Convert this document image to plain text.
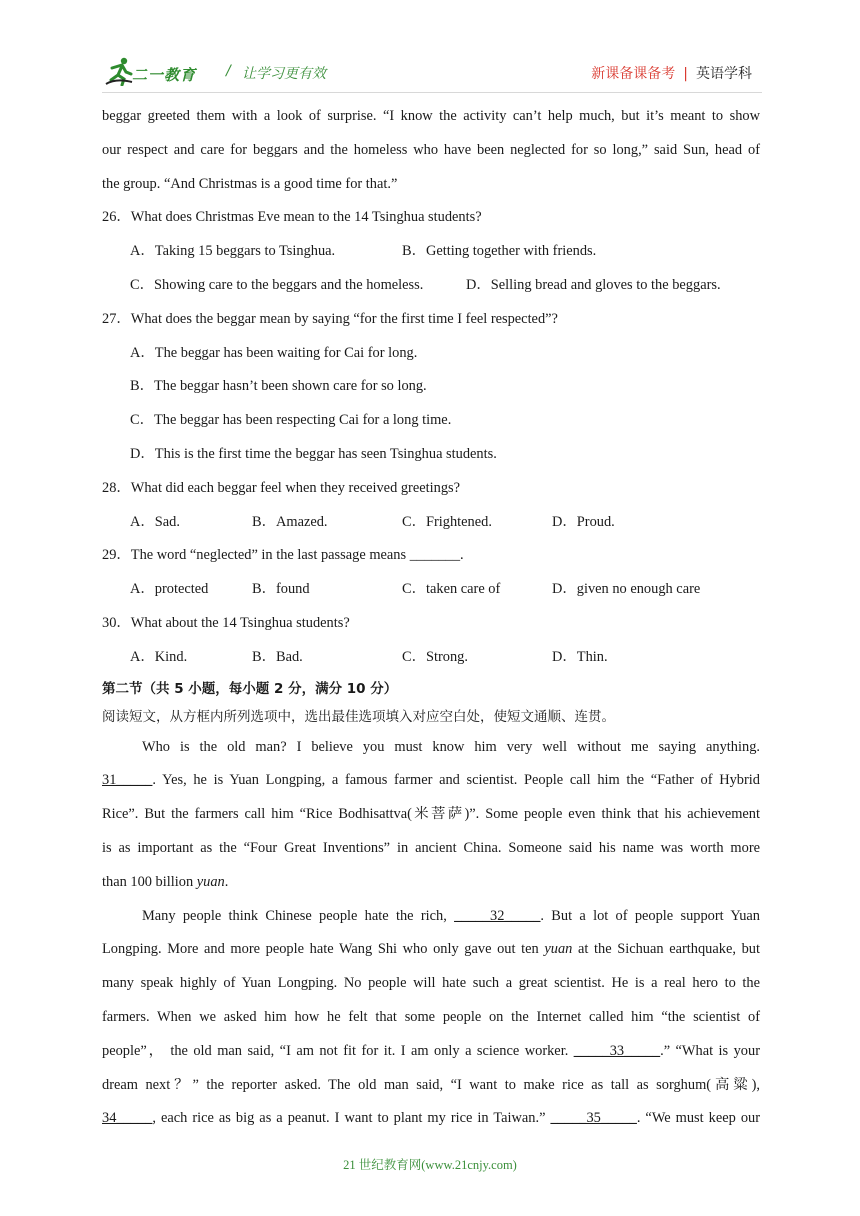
二一教育 / 让学习更有效	新课备课备考 | 英语学科
beggar greeted them with a look of surprise. “I know the activity can’t help much, but it’s meant to show
our respect and care for beggars and the homeless who have been neglected for so long,” said Sun, head of
the group. “And Christmas is a good time for that.”
26．What does Christmas Eve mean to the 14 Tsinghua students?
A．Taking 15 beggars to Tsinghua.	B．Getting together with friends.
C．Showing care to the beggars and the homeless.	D．Selling bread and gloves to the beggars.
27．What does the beggar mean by saying “for the first time I feel respected”?
A．The beggar has been waiting for Cai for long.
B．The beggar hasn’t been shown care for so long.
C．The beggar has been respecting Cai for a long time.
D．This is the first time the beggar has seen Tsinghua students.
28．What did each beggar feel when they received greetings?
A．Sad.	B．Amazed.	C．Frightened.	D．Proud.
29．The word “neglected” in the last passage means _______.
A．protected	B．found	C．taken care of	D．given no enough care
30．What about the 14 Tsinghua students?
A．Kind.	B．Bad.	C．Strong.	D．Thin.
第二节（共 5 小题，每小题 2 分，满分 10 分）
阅读短文，从方框内所列选项中，选出最佳选项填入对应空白处，使短文通顺、连贯。
Who is the old man? I believe you must know him very well without me saying anything.
31_____. Yes, he is Yuan Longping, a famous farmer and scientist. People call him the “Father of Hybrid
Rice”. But the farmers call him “Rice Bodhisattva(米菩萨)”. Some people even think that his achievement
is as important as the “Four Great Inventions” in ancient China. Someone said his name was worth more
than 100 billion yuan.
Many people think Chinese people hate the rich, _____32_____. But a lot of people support Yuan
Longping. More and more people hate Wang Shi who only gave out ten yuan at the Sichuan earthquake, but
many speak highly of Yuan Longping. No people will hate such a great scientist. He is a real hero to the
farmers. When we asked him how he felt that some people on the Internet called him “the scientist of
people”， the old man said, “I am not fit for it. I am only a science worker. _____33_____.” “What is your
dream next？” the reporter asked. The old man said, “I want to make rice as tall as sorghum(高粱),
34_____, each rice as big as a peanut. I want to plant my rice in Taiwan.” _____35_____. “We must keep our
21 世纪教育网(www.21cnjy.com)
